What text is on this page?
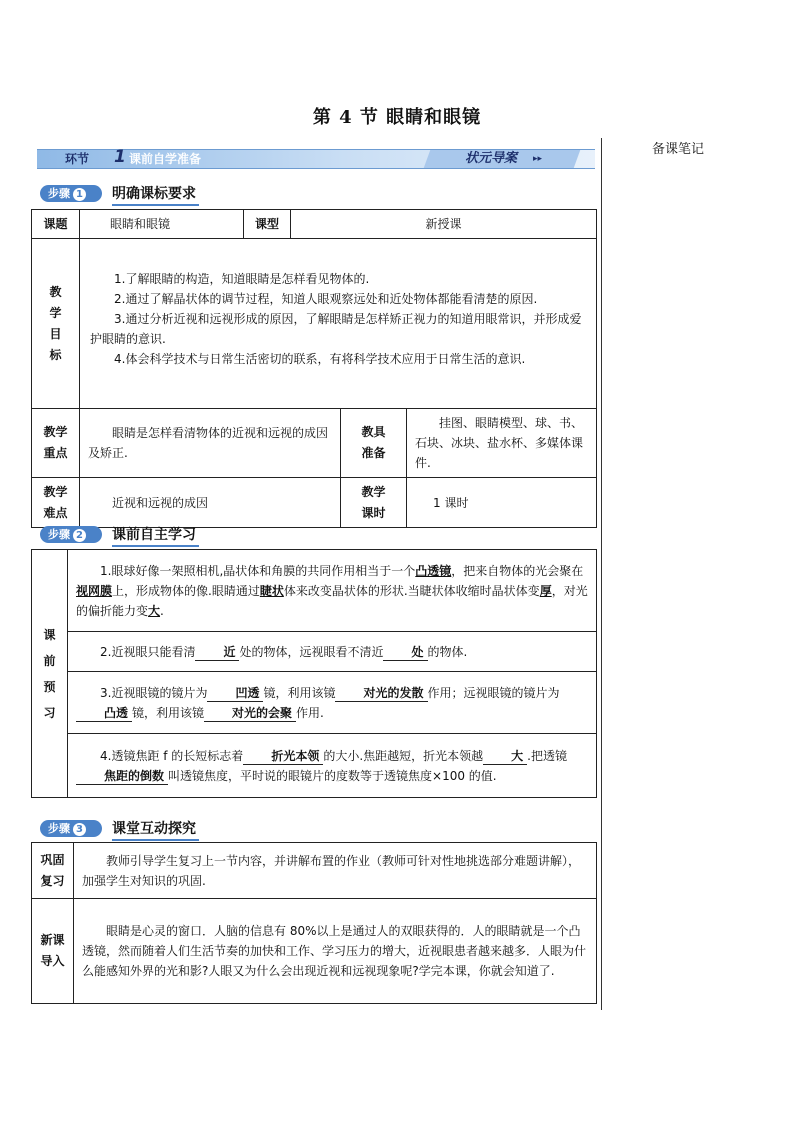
第 4 节 眼睛和眼镜
备课笔记
环节 1 课前自学准备	状元导案 ▸▸
步骤 1	明确课标要求
课题	眼睛和眼镜	课型	新授课		

教学目标	1.了解眼睛的构造，知道眼睛是怎样看见物体的.
2.通过了解晶状体的调节过程，知道人眼观察远处和近处物体都能看清楚的原因.
3.通过分析近视和远视形成的原因，了解眼睛是怎样矫正视力的知道用眼常识，并形成爱护眼睛的意识.
4.体会科学技术与日常生活密切的联系，有将科学技术应用于日常生活的意识.				

教学重点	眼睛是怎样看清物体的近视和远视的成因及矫正.			教具准备	挂图、眼睛模型、球、书、石块、冰块、盐水杯、多媒体课件.

教学难点	近视和远视的成因			教学课时	1 课时
步骤 2	课前自主学习
课前预习
	1.眼球好像一架照相机,晶状体和角膜的共同作用相当于一个凸透镜，把来自物体的光会聚在视网膜上，形成物体的像.眼睛通过睫状体来改变晶状体的形状.当睫状体收缩时晶状体变厚，对光的偏折能力变大.
2.近视眼只能看清 近 处的物体，远视眼看不清近 处 的物体.
3.近视眼镜的镜片为 凹透 镜，利用该镜 对光的发散 作用；远视眼镜的镜片为凸透 镜，利用该镜 对光的会聚 作用.
4.透镜焦距 f 的长短标志着 折光本领 的大小.焦距越短，折光本领越 大 .把透镜焦距的倒数 叫透镜焦度，平时说的眼镜片的度数等于透镜焦度×100 的值.
步骤 3	课堂互动探究
巩固复习	教师引导学生复习上一节内容，并讲解布置的作业（教师可针对性地挑选部分难题讲解），加强学生对知识的巩固.

新课导入	眼睛是心灵的窗口．人脑的信息有 80%以上是通过人的双眼获得的．人的眼睛就是一个凸透镜，然而随着人们生活节奏的加快和工作、学习压力的增大，近视眼患者越来越多．人眼为什么能感知外界的光和影?人眼又为什么会出现近视和远视现象呢?学完本课，你就会知道了.
